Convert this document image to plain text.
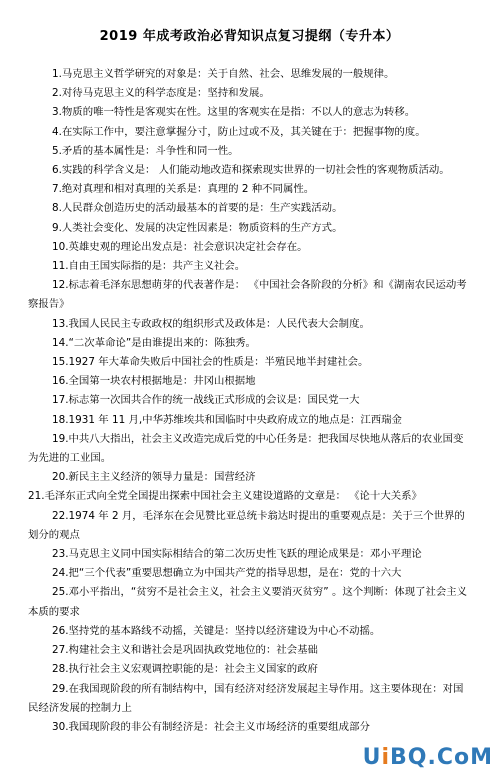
2019 年成考政治必背知识点复习提纲（专升本）

1.马克思主义哲学研究的对象是：关于自然、社会、思维发展的一般规律。

2.对待马克思主义的科学态度是：坚持和发展。

3.物质的唯一特性是客观实在性。这里的客观实在是指：不以人的意志为转移。

4.在实际工作中，要注意掌握分寸，防止过或不及，其关键在于：把握事物的度。

5.矛盾的基本属性是：斗争性和同一性。

6.实践的科学含义是： 人们能动地改造和探索现实世界的一切社会性的客观物质活动。

7.绝对真理和相对真理的关系是：真理的 2 种不同属性。

8.人民群众创造历史的活动最基本的首要的是：生产实践活动。

9.人类社会变化、发展的决定性因素是：物质资料的生产方式。

10.英雄史观的理论出发点是：社会意识决定社会存在。

11.自由王国实际指的是：共产主义社会。

12.标志着毛泽东思想萌芽的代表著作是： 《中国社会各阶段的分析》和《湖南农民运动考察报告》

13.我国人民民主专政政权的组织形式及政体是：人民代表大会制度。

14.“二次革命论”是由谁提出来的：陈独秀。

15.1927 年大革命失败后中国社会的性质是：半殖民地半封建社会。

16.全国第一块农村根据地是：井冈山根据地

17.标志第一次国共合作的统一战线正式形成的会议是：国民党一大

18.1931 年 11 月,中华苏维埃共和国临时中央政府成立的地点是：江西瑞金

19.中共八大指出，社会主义改造完成后党的中心任务是：把我国尽快地从落后的农业国变为先进的工业国。

20.新民主主义经济的领导力量是：国营经济

21.毛泽东正式向全党全国提出探索中国社会主义建设道路的文章是： 《论十大关系》

22.1974 年 2 月，毛泽东在会见赞比亚总统卡翁达时提出的重要观点是：关于三个世界的划分的观点

23.马克思主义同中国实际相结合的第二次历史性飞跃的理论成果是：邓小平理论

24.把“三个代表”重要思想确立为中国共产党的指导思想，是在：党的十六大

25.邓小平指出，“贫穷不是社会主义，社会主义要消灭贫穷” 。这个判断：体现了社会主义本质的要求

26.坚持党的基本路线不动摇，关键是：坚持以经济建设为中心不动摇。

27.构建社会主义和谐社会是巩固执政党地位的：社会基础

28.执行社会主义宏观调控职能的是：社会主义国家的政府

29.在我国现阶段的所有制结构中，国有经济对经济发展起主导作用。这主要体现在：对国民经济发展的控制力上

30.我国现阶段的非公有制经济是：社会主义市场经济的重要组成部分

UiBQ.CoM
